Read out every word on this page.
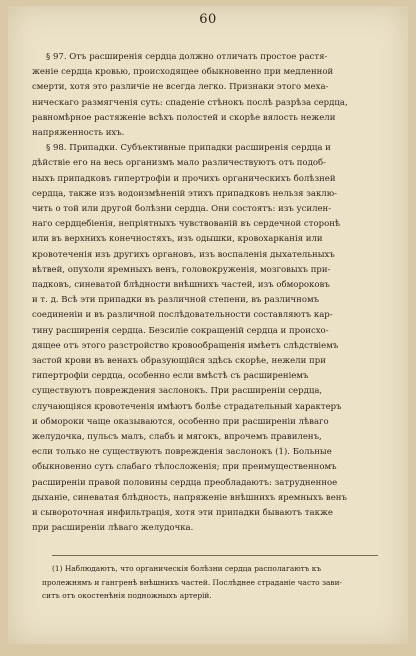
60
§ 97. Отъ расширенія сердца должно отличать простое растя-
женіе сердца кровью, происходящее обыкновенно при медленной
смерти, хотя это различіе не всегда легко. Признаки этого меха-
ническаго размягченія суть: спаденіе стѣнокъ послѣ разрѣза сердца,
равномѣрное растяженіе всѣхъ полостей и скорѣе вялость нежели
напряженность ихъ.
§ 98. Припадки. Субъективные припадки расширенія сердца и
дѣйствіе его на весь организмъ мало различествуютъ отъ подоб-
ныхъ припадковъ гипертрофіи и прочихъ органическихъ болѣзней
сердца, также изъ водоизмѣненій этихъ припадковъ нельзя заклю-
чить о той или другой болѣзни сердца. Они состоятъ: изъ усилен-
наго сердцебіенія, непріятныхъ чувствованій въ сердечной сторонѣ
или въ верхнихъ конечностяхъ, изъ одышки, кровохарканія или
кровотеченія изъ другихъ органовъ, изъ воспаленія дыхательныхъ
вѣтвей, опухоли яремныхъ венъ, головокруженія, мозговыхъ при-
падковъ, синеватой блѣдности внѣшнихъ частей, изъ обмороковъ
и т. д. Всѣ эти припадки въ различной степени, въ различномъ
соединеніи и въ различной послѣдовательности составляютъ кар-
тину расширенія сердца. Безсиліе сокращеній сердца и происхо-
дящее отъ этого разстройство кровообращенія имѣетъ слѣдствіемъ
застой крови въ венахъ образующійся здѣсь скорѣе, нежели при
гипертрофіи сердца, особенно если вмѣстѣ съ расширеніемъ
существуютъ повреждения заслонокъ. При расширеніи сердца,
случающіяся кровотеченія имѣютъ болѣе страдательный характеръ
и обмороки чаще оказываются, особенно при расширеніи лѣваго
желудочка, пульсъ малъ, слабъ и мягокъ, впрочемъ правиленъ,
если только не существуютъ поврежденія заслонокъ (1). Больные
обыкновенно суть слабаго тѣлосложенія; при преимущественномъ
расширеніи правой половины сердца преобладаютъ: затрудненное
дыханіе, синеватая блѣдность, напряженіе внѣшнихъ яремныхъ венъ
и сывороточная инфильтрація, хотя эти припадки бываютъ также
при расширеніи лѣваго желудочка.
(1) Наблюдаютъ, что органическія болѣзни сердца располагаютъ къ
пролежнямъ и гангренѣ внѣшнихъ частей. Послѣднее страданіе часто зави-
ситъ отъ окостенѣнія подножныхъ артерій.
